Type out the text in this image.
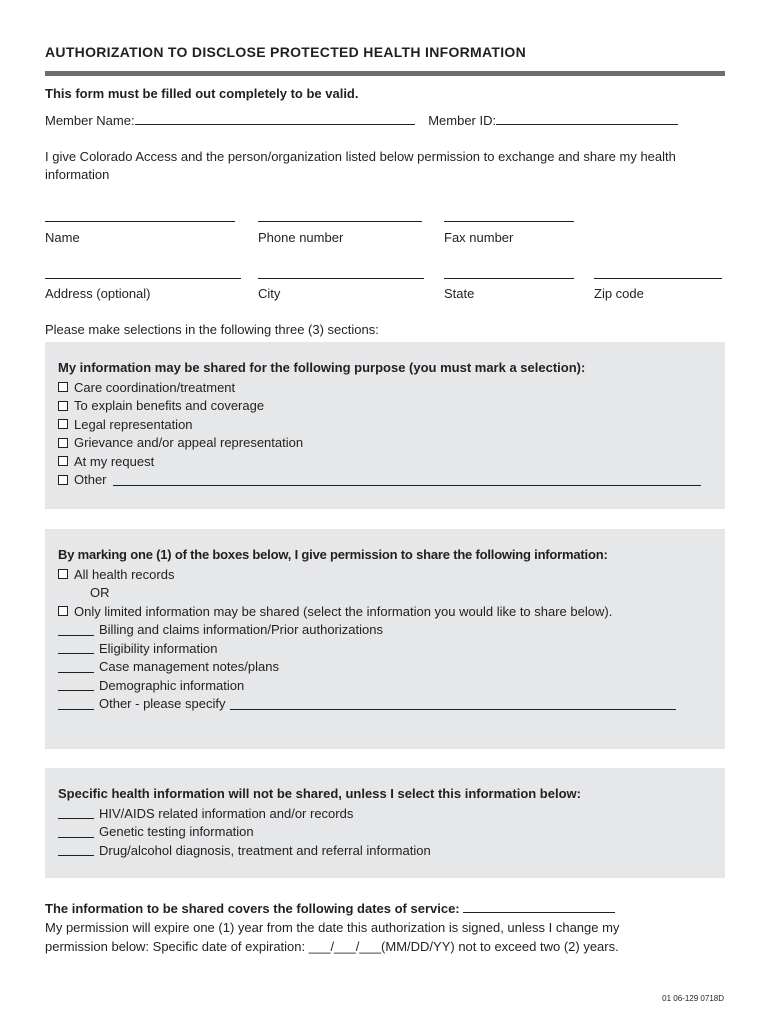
AUTHORIZATION TO DISCLOSE PROTECTED HEALTH INFORMATION
This form must be filled out completely to be valid.
Member Name:	Member ID:
I give Colorado Access and the person/organization listed below permission to exchange and share my health information
Name	Phone number	Fax number
Address (optional)	City	State	Zip code
Please make selections in the following three (3) sections:
My information may be shared for the following purpose (you must mark a selection):
Care coordination/treatment
To explain benefits and coverage
Legal representation
Grievance and/or appeal representation
At my request
Other
By marking one (1) of the boxes below, I give permission to share the following information:
All health records
OR
Only limited information may be shared (select the information you would like to share below).
Billing and claims information/Prior authorizations
Eligibility information
Case management notes/plans
Demographic information
Other - please specify
Specific health information will not be shared, unless I select this information below:
HIV/AIDS related information and/or records
Genetic testing information
Drug/alcohol diagnosis, treatment and referral information
The information to be shared covers the following dates of service:
My permission will expire one (1) year from the date this authorization is signed, unless I change my
permission below: Specific date of expiration: ___/___/___(MM/DD/YY) not to exceed two (2) years.
01 06-129 0718D
